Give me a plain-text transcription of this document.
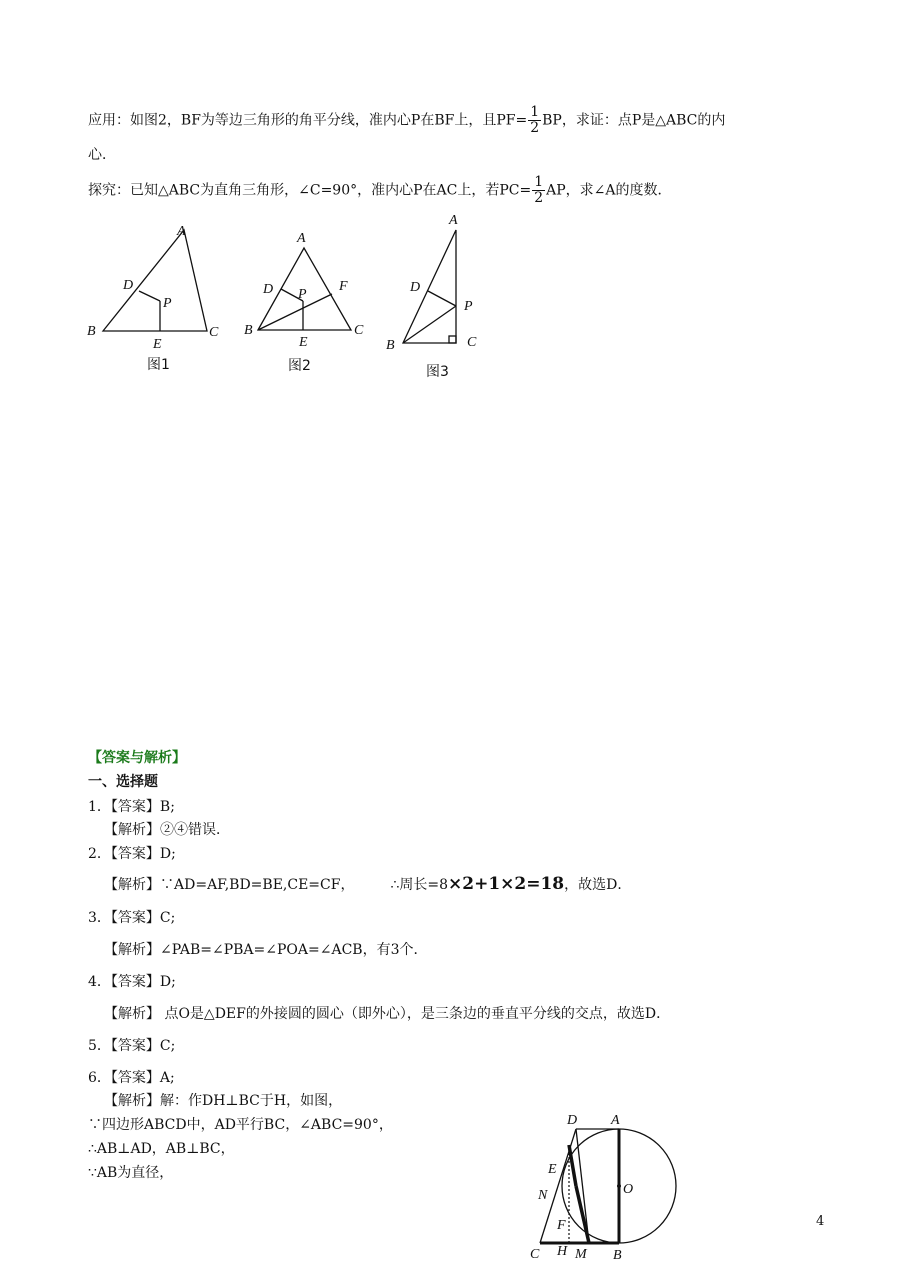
应用：如图2，BF为等边三角形的角平分线，准内心P在BF上，且$PF= \frac{1}{2}$ BP，求证：点P是△ABC的内
心．
探究：已知△ABC为直角三角形，∠C=90°，准内心P在AC上，若$PC= \frac{1}{2}$ AP，求∠A的度数．
A
D
P
B
E
C
图1
A
D	F
P
B
E
C
图2
A
D
P
B	C
图3
【答案与解析】
一、选择题
1．【答案】B;
【解析】②④错误．
2．【答案】D;
【解析】∵AD=AF,BD=BE,CE=CF，	∴周长=8×2+1×2=18，故选D．
3．【答案】C;
【解析】∠PAB=∠PBA=∠POA=∠ACB，有3个．
4．【答案】D;
【解析】 点O是△DEF的外接圆的圆心（即外心），是三条边的垂直平分线的交点，故选D．
5．【答案】C;
6．【答案】A;
【解析】解：作DH⊥BC于H，如图，
∵四边形ABCD中，AD平行BC，∠ABC=90°，
∴AB⊥AD，AB⊥BC，
∵AB为直径，
D A
E
N	O
F
C H M B
4
